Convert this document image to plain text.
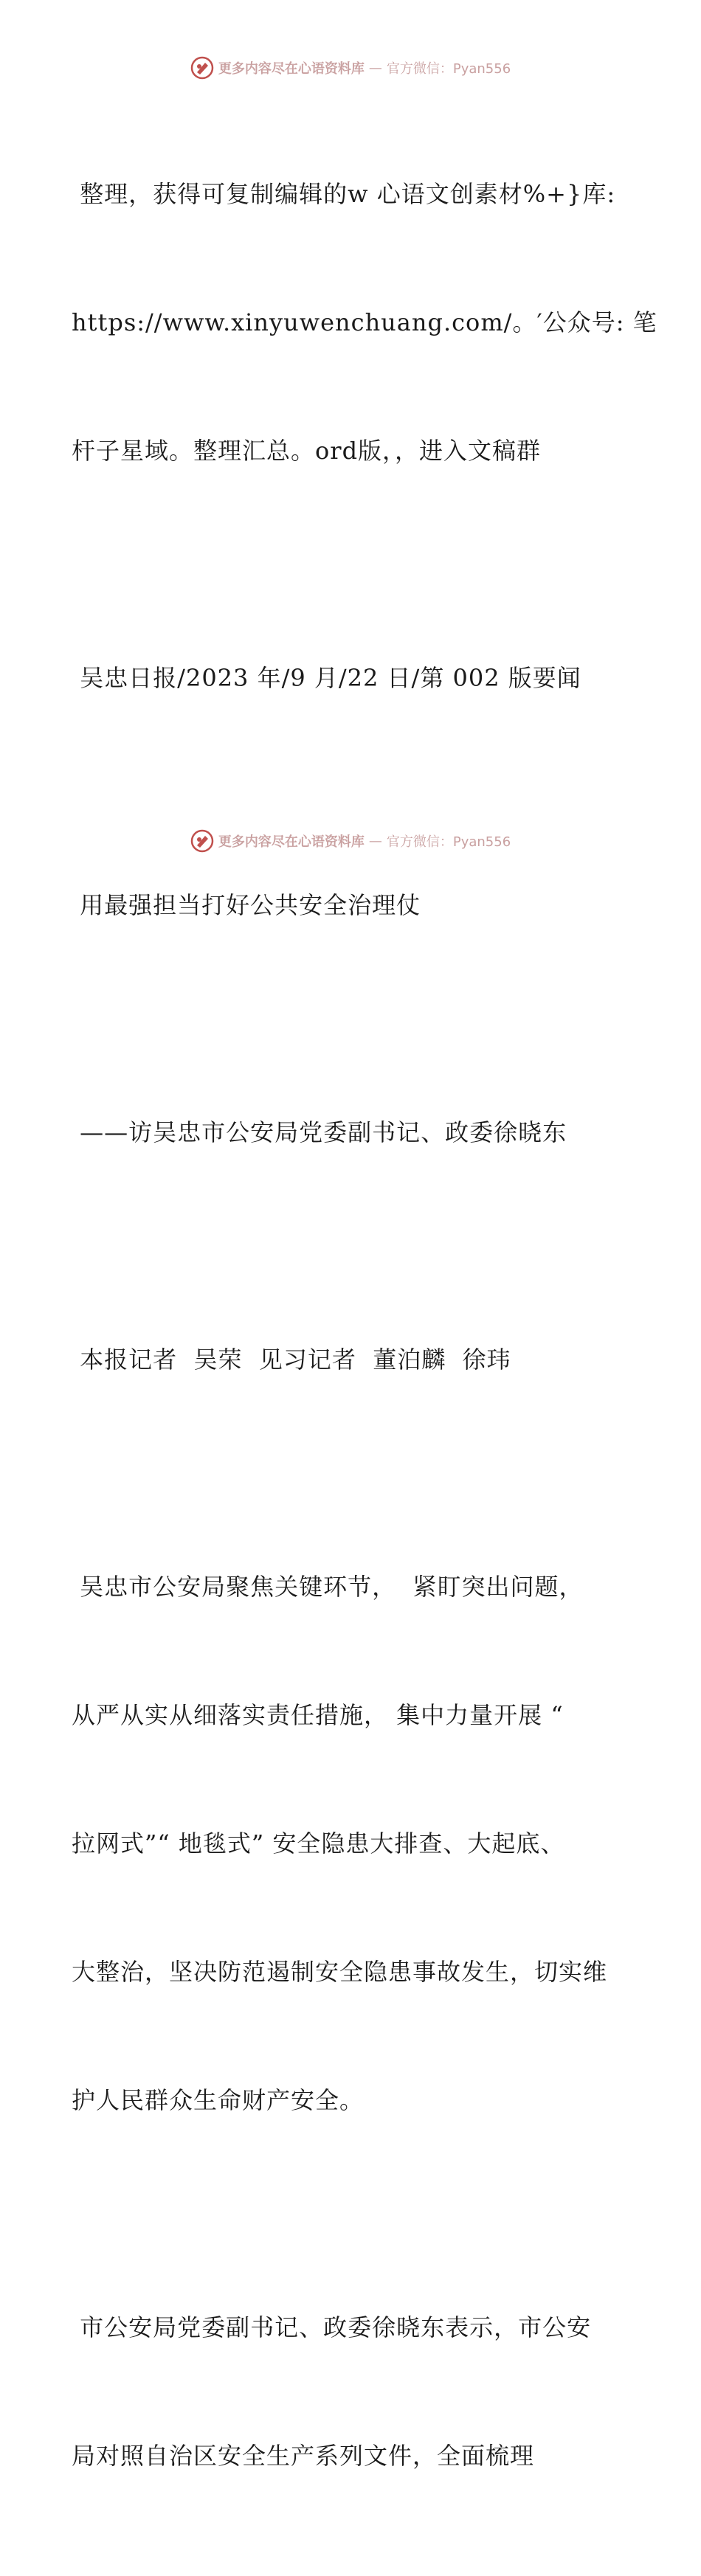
更多内容尽在心语资料库 — 官方微信：Pyan556

整理，获得可复制编辑的w 心语文创素材%+}库:

https://www.xinyuwenchuang.com/。′公众号: 笔

杆子星域。整理汇总。ord版，，进入文稿群

吴忠日报/2023 年/9 月/22 日/第 002 版要闻

用最强担当打好公共安全治理仗

——访吴忠市公安局党委副书记、政委徐晓东

本报记者  吴荣  见习记者  董泊麟  徐玮

吴忠市公安局聚焦关键环节，  紧盯突出问题，

从严从实从细落实责任措施， 集中力量开展 “

拉网式”“ 地毯式” 安全隐患大排查、大起底、

大整治，坚决防范遏制安全隐患事故发生，切实维

护人民群众生命财产安全。

市公安局党委副书记、政委徐晓东表示，市公安

局对照自治区安全生产系列文件，全面梳理

更多内容尽在心语资料库 — 官方微信：Pyan556
